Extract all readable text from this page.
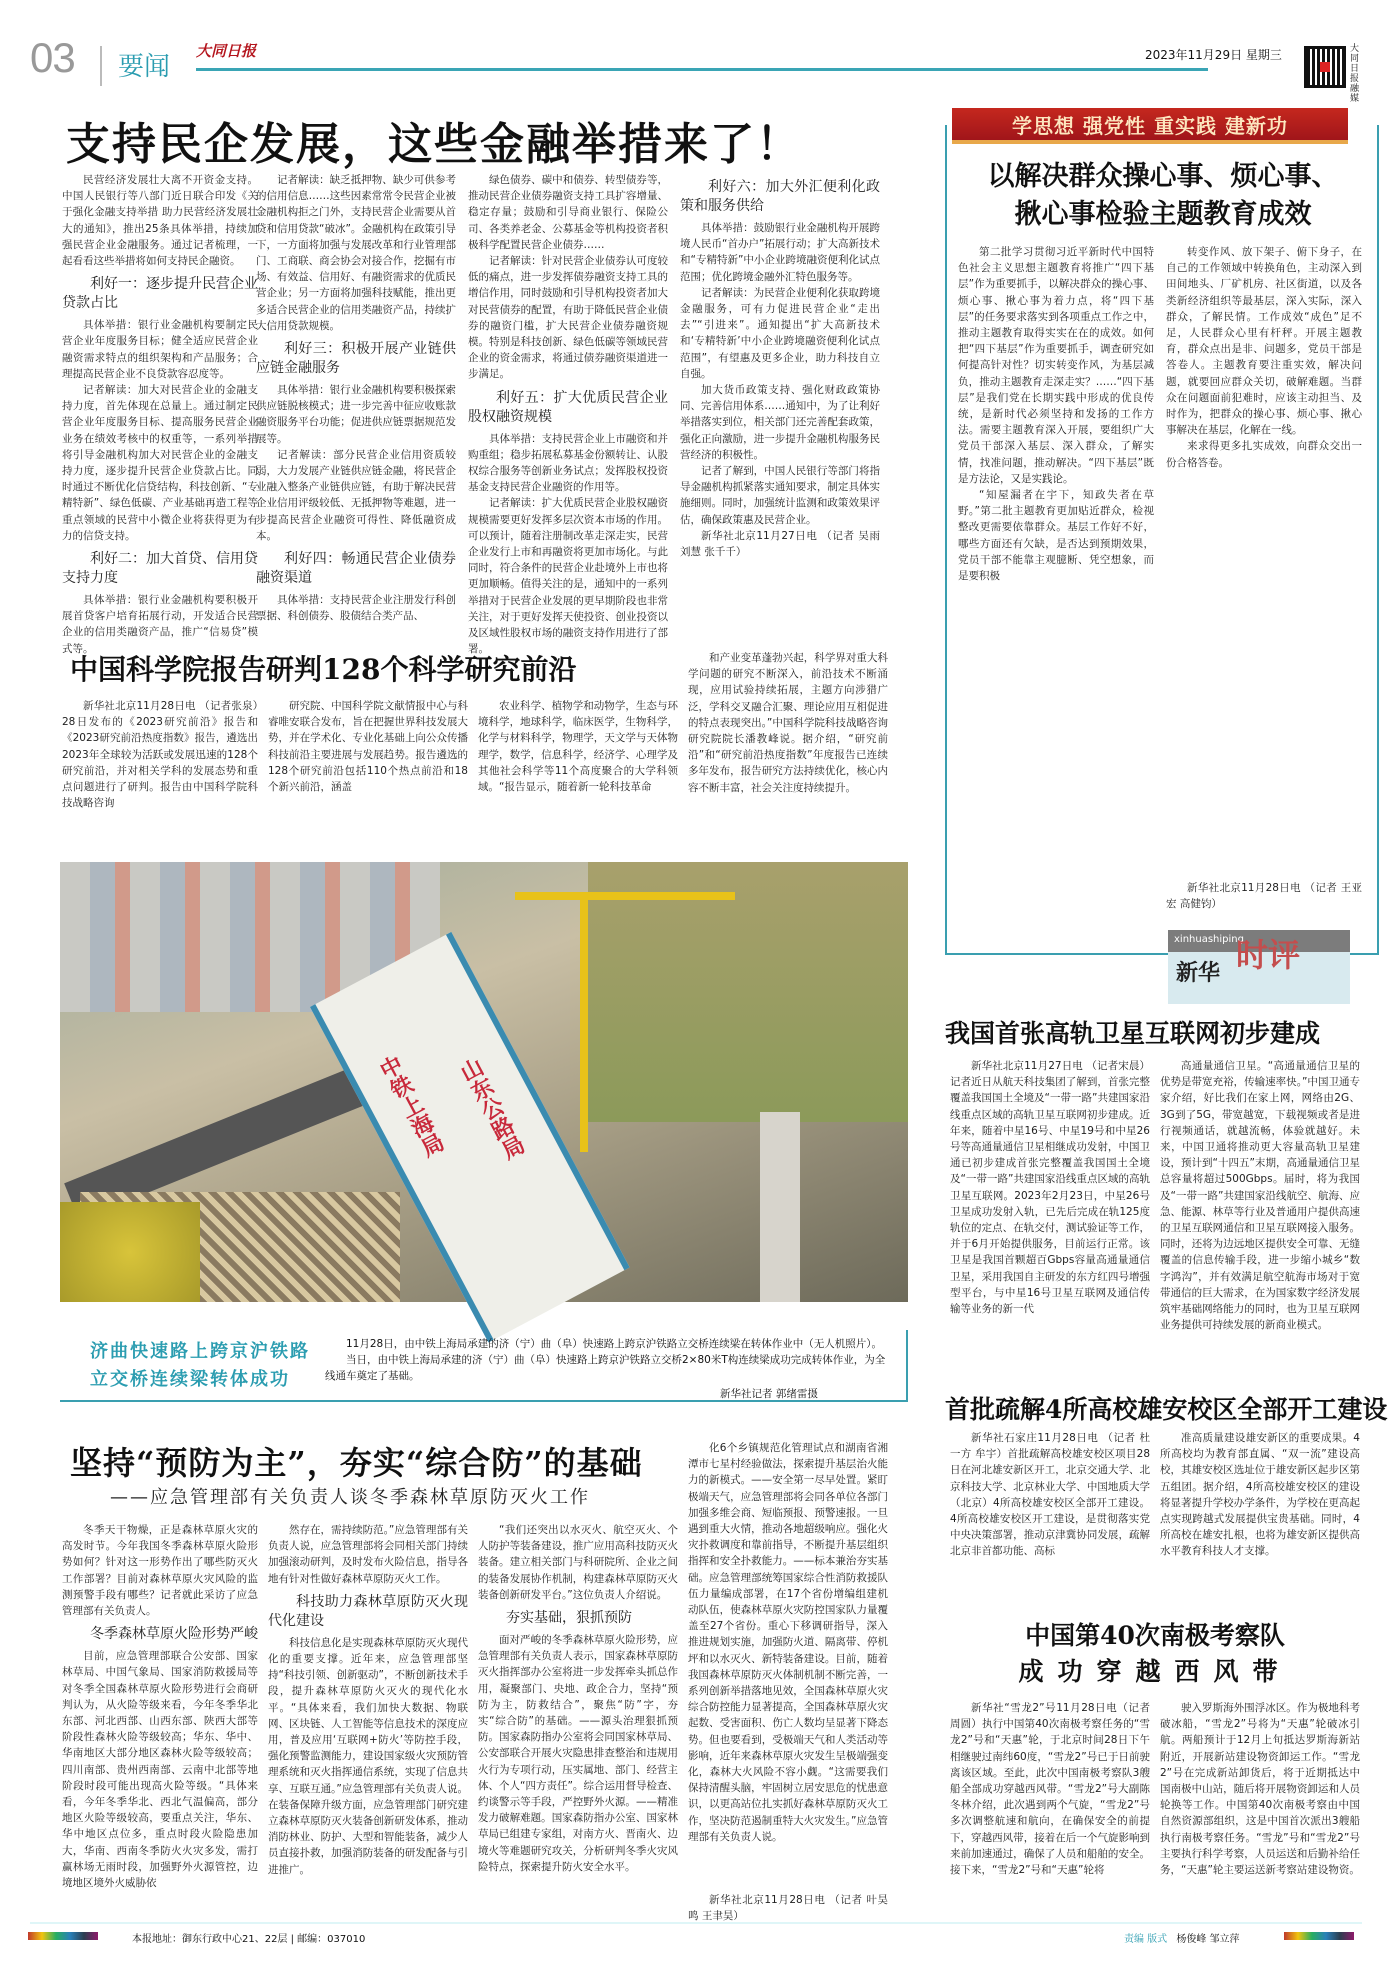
03 要闻
大同日报	2023年11月29日 星期三	大同日报融媒
支持民企发展，这些金融举措来了！

民营经济发展壮大离不开资金支持。中国人民银行等八部门近日联合印发《关于强化金融支持举措 助力民营经济发展壮大的通知》，推出25条具体举措，持续加强民营企业金融服务。通过记者梳理，一起看看这些举措将如何支持民企融资。

利好一：逐步提升民营企业贷款占比

具体举措：银行业金融机构要制定民营企业年度服务目标；健全适应民营企业融资需求特点的组织架构和产品服务；合理提高民营企业不良贷款容忍度等。

记者解读：加大对民营企业的金融支持力度，首先体现在总量上。通过制定民营企业年度服务目标、提高服务民营企业业务在绩效考核中的权重等，一系列举措将引导金融机构加大对民营企业的金融支持力度，逐步提升民营企业贷款占比。同时通过不断优化信贷结构，科技创新、“专精特新”、绿色低碳、产业基础再造工程等重点领域的民营中小微企业将获得更为有力的信贷支持。

利好二：加大首贷、信用贷支持力度

具体举措：银行业金融机构要积极开展首贷客户培育拓展行动，开发适合民营企业的信用类融资产品，推广“信易贷”模式等。

记者解读：缺乏抵押物、缺少可供参考的信用信息……这些因素常常令民营企业被金融机构拒之门外，支持民营企业需要从首贷和信用贷款“破冰”。金融机构在政策引导下，一方面将加强与发展改革和行业管理部门、工商联、商会协会对接合作，挖掘有市场、有效益、信用好、有融资需求的优质民营企业；另一方面将加强科技赋能，推出更多适合民营企业的信用类融资产品，持续扩大信用贷款规模。

利好三：积极开展产业链供应链金融服务

具体举措：银行业金融机构要积极探索供应链脱核模式；进一步完善中征应收账款融资服务平台功能；促进供应链票据规范发展等。

记者解读：部分民营企业信用资质较弱，大力发展产业链供应链金融，将民营企业融入整条产业链供应链，有助于解决民营企业信用评级较低、无抵押物等难题，进一步提高民营企业融资可得性、降低融资成本。

利好四：畅通民营企业债券融资渠道

具体举措：支持民营企业注册发行科创票据、科创债券、股债结合类产品、

绿色债券、碳中和债券、转型债券等，推动民营企业债券融资支持工具扩容增量、稳定存量；鼓励和引导商业银行、保险公司、各类养老金、公募基金等机构投资者积极科学配置民营企业债券……

记者解读：针对民营企业债券认可度较低的痛点，进一步发挥债券融资支持工具的增信作用，同时鼓励和引导机构投资者加大对民营债券的配置，有助于降低民营企业债券的融资门槛，扩大民营企业债券融资规模。特别是科技创新、绿色低碳等领域民营企业的资金需求，将通过债券融资渠道进一步满足。

利好五：扩大优质民营企业股权融资规模

具体举措：支持民营企业上市融资和并购重组；稳步拓展私募基金份额转让、认股权综合服务等创新业务试点；发挥股权投资基金支持民营企业融资的作用等。

记者解读：扩大优质民营企业股权融资规模需要更好发挥多层次资本市场的作用。可以预计，随着注册制改革走深走实，民营企业发行上市和再融资将更加市场化。与此同时，符合条件的民营企业赴境外上市也将更加顺畅。值得关注的是，通知中的一系列举措对于民营企业发展的更早期阶段也非常关注，对于更好发挥天使投资、创业投资以及区域性股权市场的融资支持作用进行了部署。

利好六：加大外汇便利化政策和服务供给

具体举措：鼓励银行业金融机构开展跨境人民币“首办户”拓展行动；扩大高新技术和“专精特新”中小企业跨境融资便利化试点范围；优化跨境金融外汇特色服务等。

记者解读：为民营企业便利化获取跨境金融服务，可有力促进民营企业“走出去”“引进来”。通知提出“扩大高新技术和‘专精特新’中小企业跨境融资便利化试点范围”，有望惠及更多企业，助力科技自立自强。

加大货币政策支持、强化财政政策协同、完善信用体系……通知中，为了让利好举措落实到位，相关部门还完善配套政策，强化正向激励，进一步提升金融机构服务民营经济的积极性。

记者了解到，中国人民银行等部门将指导金融机构抓紧落实通知要求，制定具体实施细则。同时，加强统计监测和政策效果评估，确保政策惠及民营企业。

新华社北京11月27日电 （记者 吴雨 刘慧 张千千）

学思想 强党性 重实践 建新功
以解决群众操心事、烦心事、
揪心事检验主题教育成效

第二批学习贯彻习近平新时代中国特色社会主义思想主题教育将推广“四下基层”作为重要抓手，以解决群众的操心事、烦心事、揪心事为着力点，将“四下基层”的任务要求落实到各项重点工作之中，推动主题教育取得实实在在的成效。如何把“四下基层”作为重要抓手，调查研究如何提高针对性？切实转变作风，为基层减负，推动主题教育走深走实？……“四下基层”是我们党在长期实践中形成的优良传统，是新时代必须坚持和发扬的工作方法。需要主题教育深入开展，要组织广大党员干部深入基层、深入群众，了解实情，找准问题，推动解决。“四下基层”既是方法论，又是实践论。

“知屋漏者在宇下，知政失者在草野。”第二批主题教育更加贴近群众，检视整改更需要依靠群众。基层工作好不好，哪些方面还有欠缺，是否达到预期效果，党员干部不能靠主观臆断、凭空想象，而是要积极

转变作风、放下架子、俯下身子，在自己的工作领域中转换角色，主动深入到田间地头、厂矿机房、社区街道，以及各类新经济组织等最基层，深入实际，深入群众，了解民情。工作成效“成色”足不足，人民群众心里有杆秤。开展主题教育，群众点出是非、问题多，党员干部是答卷人。主题教育要注重实效，解决问题，就要回应群众关切，破解难题。当群众在问题面前犯难时，应该主动担当、及时作为，把群众的操心事、烦心事、揪心事解决在基层，化解在一线。

来求得更多扎实成效，向群众交出一份合格答卷。

新华社北京11月28日电 （记者 王亚宏 高健钧）

xinhuashiping
新华 时评
中国科学院报告研判128个科学研究前沿

新华社北京11月28日电 （记者张泉）28日发布的《2023研究前沿》报告和《2023研究前沿热度指数》报告，遴选出2023年全球较为活跃或发展迅速的128个研究前沿，并对相关学科的发展态势和重点问题进行了研判。报告由中国科学院科技战略咨询

研究院、中国科学院文献情报中心与科睿唯安联合发布，旨在把握世界科技发展大势，并在学术化、专业化基础上向公众传播科技前沿主要进展与发展趋势。报告遴选的128个研究前沿包括110个热点前沿和18个新兴前沿，涵盖

农业科学、植物学和动物学，生态与环境科学，地球科学，临床医学，生物科学，化学与材料科学，物理学，天文学与天体物理学，数学，信息科学，经济学、心理学及其他社会科学等11个高度聚合的大学科领域。“报告显示，随着新一轮科技革命

和产业变革蓬勃兴起，科学界对重大科学问题的研究不断深入，前沿技术不断涌现，应用试验持续拓展，主题方向涉猎广泛，学科交叉融合汇聚、理论应用互相促进的特点表现突出。”中国科学院科技战略咨询研究院院长潘教峰说。据介绍，“研究前沿”和“研究前沿热度指数”年度报告已连续多年发布，报告研究方法持续优化，核心内容不断丰富，社会关注度持续提升。

中铁上海局 山东公路局
济曲快速路上跨京沪铁路
立交桥连续梁转体成功

11月28日，由中铁上海局承建的济（宁）曲（阜）快速路上跨京沪铁路立交桥连续梁在转体作业中（无人机照片）。

当日，由中铁上海局承建的济（宁）曲（阜）快速路上跨京沪铁路立交桥2×80米T构连续梁成功完成转体作业，为全线通车奠定了基础。

新华社记者 郭绪雷摄
坚持“预防为主”，夯实“综合防”的基础
——应急管理部有关负责人谈冬季森林草原防灭火工作

冬季天干物燥，正是森林草原火灾的高发时节。今年我国冬季森林草原火险形势如何？针对这一形势作出了哪些防灭火工作部署？目前对森林草原火灾风险的监测预警手段有哪些？记者就此采访了应急管理部有关负责人。

冬季森林草原火险形势严峻

目前，应急管理部联合公安部、国家林草局、中国气象局、国家消防救援局等对冬季全国森林草原火险形势进行会商研判认为，从火险等级来看，今年冬季华北东部、河北西部、山西东部、陕西大部等阶段性森林火险等级较高；华东、华中、华南地区大部分地区森林火险等级较高；四川南部、贵州西南部、云南中北部等地阶段时段可能出现高火险等级。“具体来看，今年冬季华北、西北气温偏高，部分地区火险等级较高，要重点关注，华东、华中地区点位多，重点时段火险隐患加大，华南、西南冬季防火火灾多发，需打赢林场无雨时段，加强野外火源管控，边境地区境外火威胁依

然存在，需持续防范。”应急管理部有关负责人说，应急管理部将会同相关部门持续加强滚动研判，及时发布火险信息，指导各地有针对性做好森林草原防灭火工作。

科技助力森林草原防灭火现代化建设

科技信息化是实现森林草原防灭火现代化的重要支撑。近年来，应急管理部坚持“科技引领、创新驱动”，不断创新技术手段，提升森林草原防火灭火的现代化水平。“具体来看，我们加快大数据、物联网、区块链、人工智能等信息技术的深度应用，普及应用‘互联网+防火’等防控手段，强化预警监测能力，建设国家级火灾预防管理系统和灭火指挥通信系统，实现了信息共享、互联互通。”应急管理部有关负责人说。在装备保障升级方面，应急管理部门研究建立森林草原防灭火装备创新研发体系，推动消防林业、防护、大型和智能装备，减少人员直接扑救，加强消防装备的研发配备与引进推广。

“我们还突出以水灭火、航空灭火、个人防护等装备建设，推广应用高科技防灭火装备。建立相关部门与科研院所、企业之间的装备发展协作机制，构建森林草原防灭火装备创新研发平台。”这位负责人介绍说。

夯实基础，狠抓预防

面对严峻的冬季森林草原火险形势，应急管理部有关负责人表示，国家森林草原防灭火指挥部办公室将进一步发挥牵头抓总作用，凝聚部门、央地、政企合力，坚持“预防为主，防救结合”，聚焦“防”字，夯实“综合防”的基础。——源头治理狠抓预防。国家森防指办公室将会同国家林草局、公安部联合开展火灾隐患排查整治和违规用火行为专项行动，压实属地、部门、经营主体、个人“四方责任”。综合运用督导检查、约谈警示等手段，严控野外火源。——精准发力破解难题。国家森防指办公室、国家林草局已组建专家组，对南方火、晋南火、边境火等难题研究攻关，分析研判冬季火灾风险特点，探索提升防火安全水平。

化6个乡镇规范化管理试点和湖南省湘潭市七星村经验做法，探索提升基层治火能力的新模式。——安全第一尽早处置。紧盯极端天气，应急管理部将会同各单位各部门加强多维会商、短临预报、预警速报。一旦遇到重大火情，推动各地超级响应。强化火灾扑救调度和靠前指导，不断提升基层组织指挥和安全扑救能力。——标本兼治夯实基础。应急管理部统筹国家综合性消防救援队伍力量编成部署，在17个省份增编组建机动队伍，使森林草原火灾防控国家队力量覆盖至27个省份。重心下移调研指导，深入推进规划实施，加强防火道、隔离带、停机坪和以水灭火、新特装备建设。目前，随着我国森林草原防灭火体制机制不断完善，一系列创新举措落地见效，全国森林草原火灾综合防控能力显著提高，全国森林草原火灾起数、受害面积、伤亡人数均呈显著下降态势。但也要看到，受极端天气和人类活动等影响，近年来森林草原火灾发生呈极端强变化，森林大火风险不容小觑。“这需要我们保持清醒头脑，牢固树立居安思危的忧患意识，以更高站位扎实抓好森林草原防灭火工作，坚决防范遏制重特大火灾发生。”应急管理部有关负责人说。

新华社北京11月28日电 （记者 叶昊鸣 王聿昊）

我国首张高轨卫星互联网初步建成

新华社北京11月27日电 （记者宋晨）记者近日从航天科技集团了解到，首张完整覆盖我国国土全境及“一带一路”共建国家沿线重点区域的高轨卫星互联网初步建成。近年来，随着中星16号、中星19号和中星26号等高通量通信卫星相继成功发射，中国卫通已初步建成首张完整覆盖我国国土全境及“一带一路”共建国家沿线重点区域的高轨卫星互联网。2023年2月23日，中星26号卫星成功发射入轨，已先后完成在轨125度轨位的定点、在轨交付，测试验证等工作，并于6月开始提供服务，目前运行正常。该卫星是我国首颗超百Gbps容量高通量通信卫星，采用我国自主研发的东方红四号增强型平台，与中星16号卫星互联网及通信传输等业务的新一代

高通量通信卫星。“高通量通信卫星的优势是带宽充裕，传输速率快。”中国卫通专家介绍，好比我们在家上网，网络由2G、3G到了5G，带宽越宽，下载视频或者是进行视频通话，就越流畅，体验就越好。未来，中国卫通将推动更大容量高轨卫星建设，预计到“十四五”末期，高通量通信卫星总容量将超过500Gbps。届时，将为我国及“一带一路”共建国家沿线航空、航海、应急、能源、林草等行业及普通用户提供高速的卫星互联网通信和卫星互联网接入服务。同时，还将为边远地区提供安全可靠、无缝覆盖的信息传输手段，进一步缩小城乡“数字鸿沟”，并有效满足航空航海市场对于宽带通信的巨大需求，在为国家数字经济发展筑牢基础网络能力的同时，也为卫星互联网业务提供可持续发展的新商业模式。

首批疏解4所高校雄安校区全部开工建设

新华社石家庄11月28日电 （记者 杜一方 牟宇）首批疏解高校雄安校区项目28日在河北雄安新区开工，北京交通大学、北京科技大学、北京林业大学、中国地质大学（北京）4所高校雄安校区全部开工建设。4所高校雄安校区开工建设，是贯彻落实党中央决策部署，推动京津冀协同发展，疏解北京非首都功能、高标

准高质量建设雄安新区的重要成果。4所高校均为教育部直属、“双一流”建设高校，其雄安校区选址位于雄安新区起步区第五组团。据介绍，4所高校雄安校区的建设将显著提升学校办学条件，为学校在更高起点实现跨越式发展提供宝贵基础。同时，4所高校在雄安扎根，也将为雄安新区提供高水平教育科技人才支撑。

中国第40次南极考察队
成功穿越西风带

新华社“雪龙2”号11月28日电（记者 周圆）执行中国第40次南极考察任务的“雪龙2”号和“天惠”轮，于北京时间28日下午相继驶过南纬60度，“雪龙2”号已于日前驶离该区域。至此，此次中国南极考察队3艘船全部成功穿越西风带。“雪龙2”号大副陈冬林介绍，此次遇到两个气旋，“雪龙2”号多次调整航速和航向，在确保安全的前提下，穿越西风带，接着在后一个气旋影响到来前加速通过，确保了人员和船舶的安全。接下来，“雪龙2”号和“天惠”轮将

驶入罗斯海外围浮冰区。作为极地科考破冰船，“雪龙2”号将为“天惠”轮破冰引航。两船预计于12月上旬抵达罗斯海新站附近，开展新站建设物资卸运工作。“雪龙2”号在完成新站卸货后，将于近期抵达中国南极中山站，随后将开展物资卸运和人员轮换等工作。中国第40次南极考察由中国自然资源部组织，这是中国首次派出3艘船执行南极考察任务。“雪龙”号和“雪龙2”号主要执行科学考察，人员运送和后勤补给任务，“天惠”轮主要运送新考察站建设物资。

本报地址：御东行政中心21、22层 | 邮编：037010	责编 版式 杨俊峰 邹立萍
